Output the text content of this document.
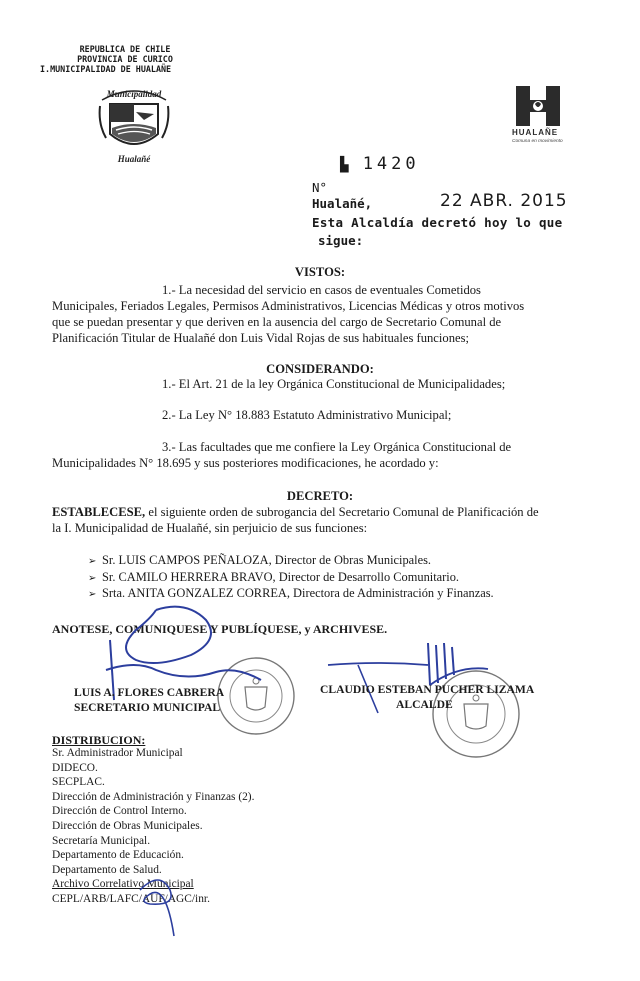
REPUBLICA DE CHILE
PROVINCIA DE CURICO
I.MUNICIPALIDAD DE HUALAÑE
Municipalidad
Hualañé
HUALAÑE
Comuna en movimiento
▙ 1420
N°
Hualañé,	22 ABR. 2015
Esta Alcaldía decretó hoy lo que
sigue:
VISTOS:
1.- La necesidad del servicio en casos de eventuales Cometidos
Municipales, Feriados Legales, Permisos Administrativos, Licencias Médicas y otros motivos
que se puedan presentar y que deriven en la ausencia del cargo de Secretario Comunal de
Planificación Titular de Hualañé don Luis Vidal Rojas de sus habituales funciones;
CONSIDERANDO:
1.- El Art. 21 de la ley Orgánica Constitucional de Municipalidades;
2.- La Ley N° 18.883 Estatuto Administrativo Municipal;
3.- Las facultades que me confiere la Ley Orgánica Constitucional de
Municipalidades N° 18.695 y sus posteriores modificaciones, he acordado y:
DECRETO:
ESTABLECESE, el siguiente orden de subrogancia del Secretario Comunal de Planificación de
la I. Municipalidad de Hualañé, sin perjuicio de sus funciones:
➢ Sr. LUIS CAMPOS PEÑALOZA, Director de Obras Municipales.
➢ Sr. CAMILO HERRERA BRAVO, Director de Desarrollo Comunitario.
➢ Srta. ANITA GONZALEZ CORREA, Directora de Administración y Finanzas.
ANOTESE, COMUNIQUESE Y PUBLÍQUESE, y ARCHIVESE.
LUIS A. FLORES CABRERA
SECRETARIO MUNICIPAL
CLAUDIO ESTEBAN PUCHER LIZAMA
ALCALDE
DISTRIBUCION:
Sr. Administrador Municipal
DIDECO.
SECPLAC.
Dirección de Administración y Finanzas (2).
Dirección de Control Interno.
Dirección de Obras Municipales.
Secretaría Municipal.
Departamento de Educación.
Departamento de Salud.
Archivo Correlativo Municipal
CEPL/ARB/LAFC/AUF/AGC/inr.
